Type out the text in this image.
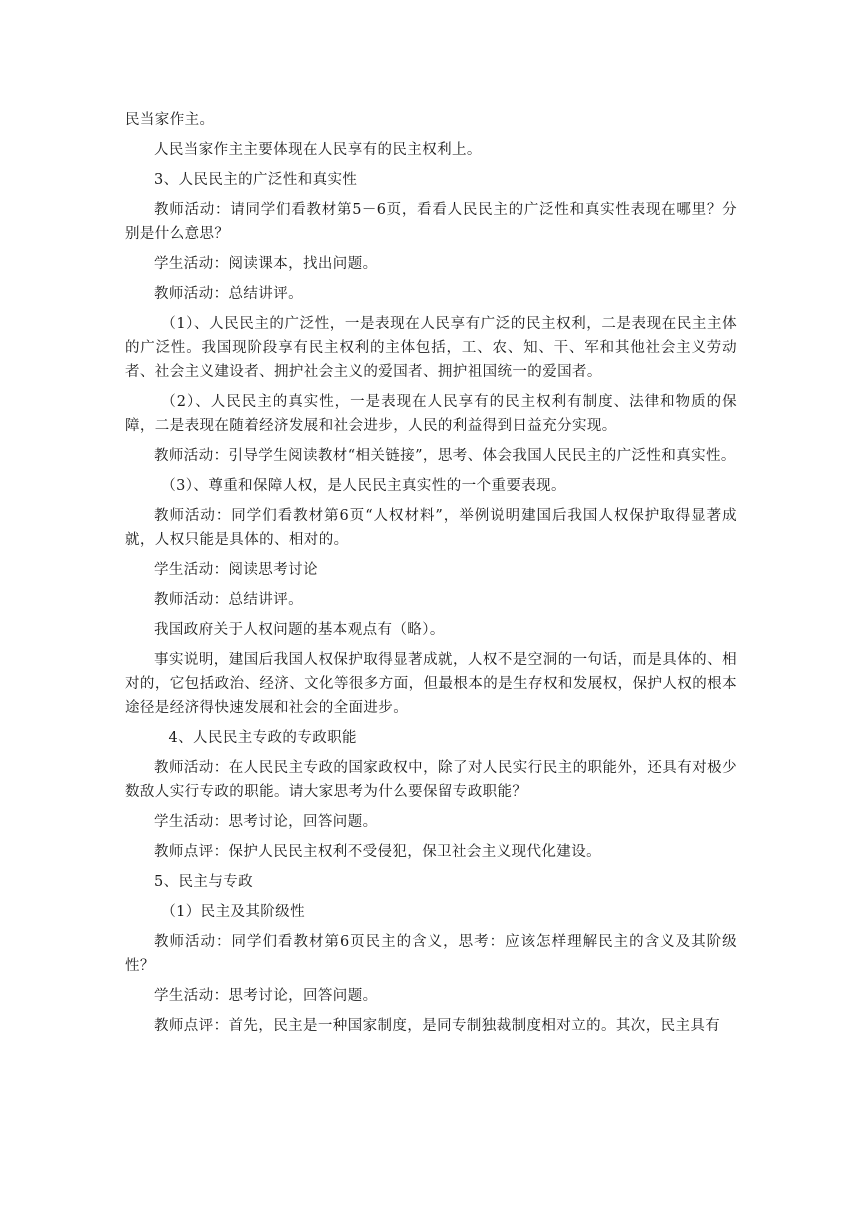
民当家作主。

人民当家作主主要体现在人民享有的民主权利上。

3、人民民主的广泛性和真实性

教师活动：请同学们看教材第5－6页，看看人民民主的广泛性和真实性表现在哪里？分别是什么意思？

学生活动：阅读课本，找出问题。

教师活动：总结讲评。

（1）、人民民主的广泛性，一是表现在人民享有广泛的民主权利，二是表现在民主主体的广泛性。我国现阶段享有民主权利的主体包括，工、农、知、干、军和其他社会主义劳动者、社会主义建设者、拥护社会主义的爱国者、拥护祖国统一的爱国者。

（2）、人民民主的真实性，一是表现在人民享有的民主权利有制度、法律和物质的保障，二是表现在随着经济发展和社会进步，人民的利益得到日益充分实现。

教师活动：引导学生阅读教材“相关链接”，思考、体会我国人民民主的广泛性和真实性。

（3）、尊重和保障人权，是人民民主真实性的一个重要表现。

教师活动：同学们看教材第6页“人权材料”，举例说明建国后我国人权保护取得显著成就，人权只能是具体的、相对的。

学生活动：阅读思考讨论

教师活动：总结讲评。

我国政府关于人权问题的基本观点有（略）。

事实说明，建国后我国人权保护取得显著成就，人权不是空洞的一句话，而是具体的、相对的，它包括政治、经济、文化等很多方面，但最根本的是生存权和发展权，保护人权的根本途径是经济得快速发展和社会的全面进步。

4、人民民主专政的专政职能

教师活动：在人民民主专政的国家政权中，除了对人民实行民主的职能外，还具有对极少数敌人实行专政的职能。请大家思考为什么要保留专政职能？

学生活动：思考讨论，回答问题。

教师点评：保护人民民主权利不受侵犯，保卫社会主义现代化建设。

5、民主与专政

（1）民主及其阶级性

教师活动：同学们看教材第6页民主的含义，思考：应该怎样理解民主的含义及其阶级性？

学生活动：思考讨论，回答问题。

教师点评：首先，民主是一种国家制度，是同专制独裁制度相对立的。其次，民主具有
